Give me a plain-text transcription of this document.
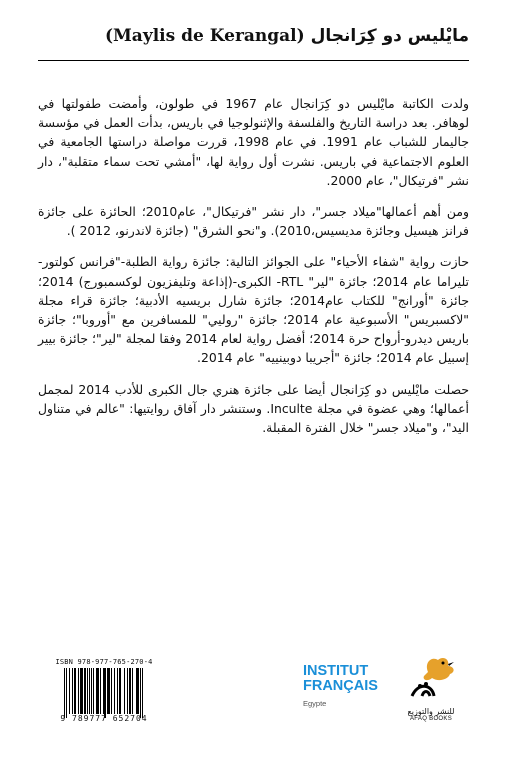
مايْليس دو كِرَانجال (Maylis de Kerangal)

ولدت الكاتبة مايْليس دو كِرَانجال عام 1967 في طولون، وأمضت طفولتها في لوهافر. بعد دراسة التاريخ والفلسفة والإثنولوجيا في باريس، بدأت العمل في مؤسسة جاليمار للشباب عام 1991. في عام 1998، قررت مواصلة دراستها الجامعية في العلوم الاجتماعية في باريس. نشرت أول رواية لها، "أمشي تحت سماء متقلبة"، دار نشر "فرتيكال"، عام 2000.

ومن أهم أعمالها"ميلاد جسر"، دار نشر "فرتيكال"، عام2010؛ الحائزة على جائزة فرانز هيسيل وجائزة مديسيس،2010). و"نحو الشرق" (جائزة لاندرنو، 2012 ).

حازت رواية "شفاء الأحياء" على الجوائز التالية: جائزة رواية الطلبة-"فرانس كولتور-تليراما عام 2014؛ جائزة "لير" RTL- الكبرى-(إذاعة وتليفزيون لوكسمبورج) 2014؛ جائزة "أورانج" للكتاب عام2014؛ جائزة شارل بريسيه الأدبية؛ جائزة قراء مجلة "لاكسبريس" الأسبوعية عام 2014؛ جائزة "روليي" للمسافرين مع "أوروبا"؛ جائزة باريس ديدرو-أرواح حرة 2014؛ أفضل رواية لعام 2014 وفقا لمجلة "لير"؛ جائزة بيير إسبيل عام 2014؛ جائزة "أجريبا دوبينييه" عام 2014.

حصلت مايْليس دو كِرَانجال أيضا على جائزة هنري جال الكبرى للأدب 2014 لمجمل أعمالها؛ وهي عضوة في مجلة Inculte. وستنشر دار آفاق روايتيها: "عالم في متناول اليد"، و"ميلاد جسر" خلال الفترة المقبلة.

ISBN 978-977-765-270-4
9 789777 652704
INSTITUT
FRANÇAIS
Egypte
للنشر والتوزيع
AFAQ BOOKS
